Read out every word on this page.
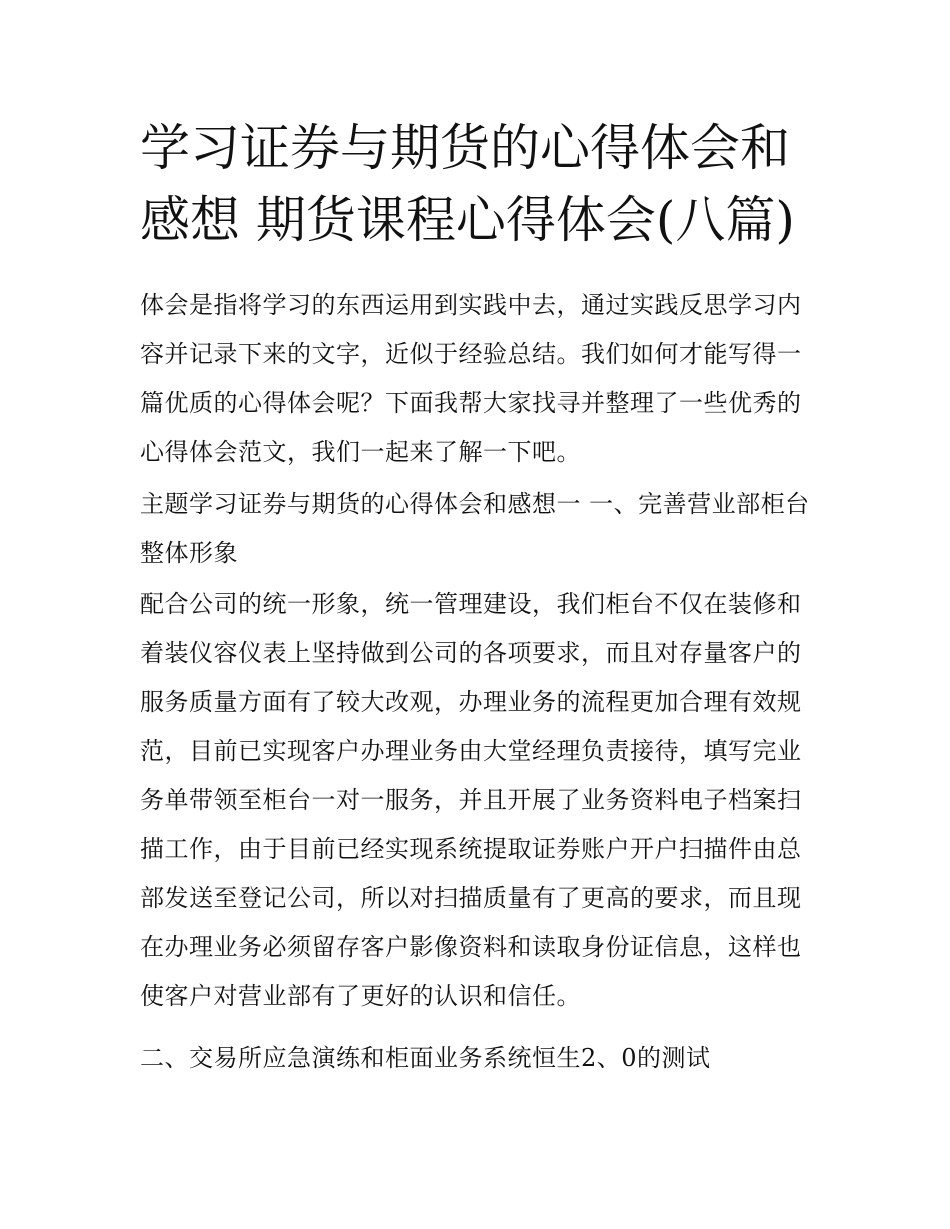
学习证券与期货的心得体会和感想 期货课程心得体会(八篇)

体会是指将学习的东西运用到实践中去，通过实践反思学习内容并记录下来的文字，近似于经验总结。我们如何才能写得一篇优质的心得体会呢？下面我帮大家找寻并整理了一些优秀的心得体会范文，我们一起来了解一下吧。

主题学习证券与期货的心得体会和感想一 一、完善营业部柜台整体形象

配合公司的统一形象，统一管理建设，我们柜台不仅在装修和着装仪容仪表上坚持做到公司的各项要求，而且对存量客户的服务质量方面有了较大改观，办理业务的流程更加合理有效规范，目前已实现客户办理业务由大堂经理负责接待，填写完业务单带领至柜台一对一服务，并且开展了业务资料电子档案扫描工作，由于目前已经实现系统提取证券账户开户扫描件由总部发送至登记公司，所以对扫描质量有了更高的要求，而且现在办理业务必须留存客户影像资料和读取身份证信息，这样也使客户对营业部有了更好的认识和信任。

二、交易所应急演练和柜面业务系统恒生2、0的测试
